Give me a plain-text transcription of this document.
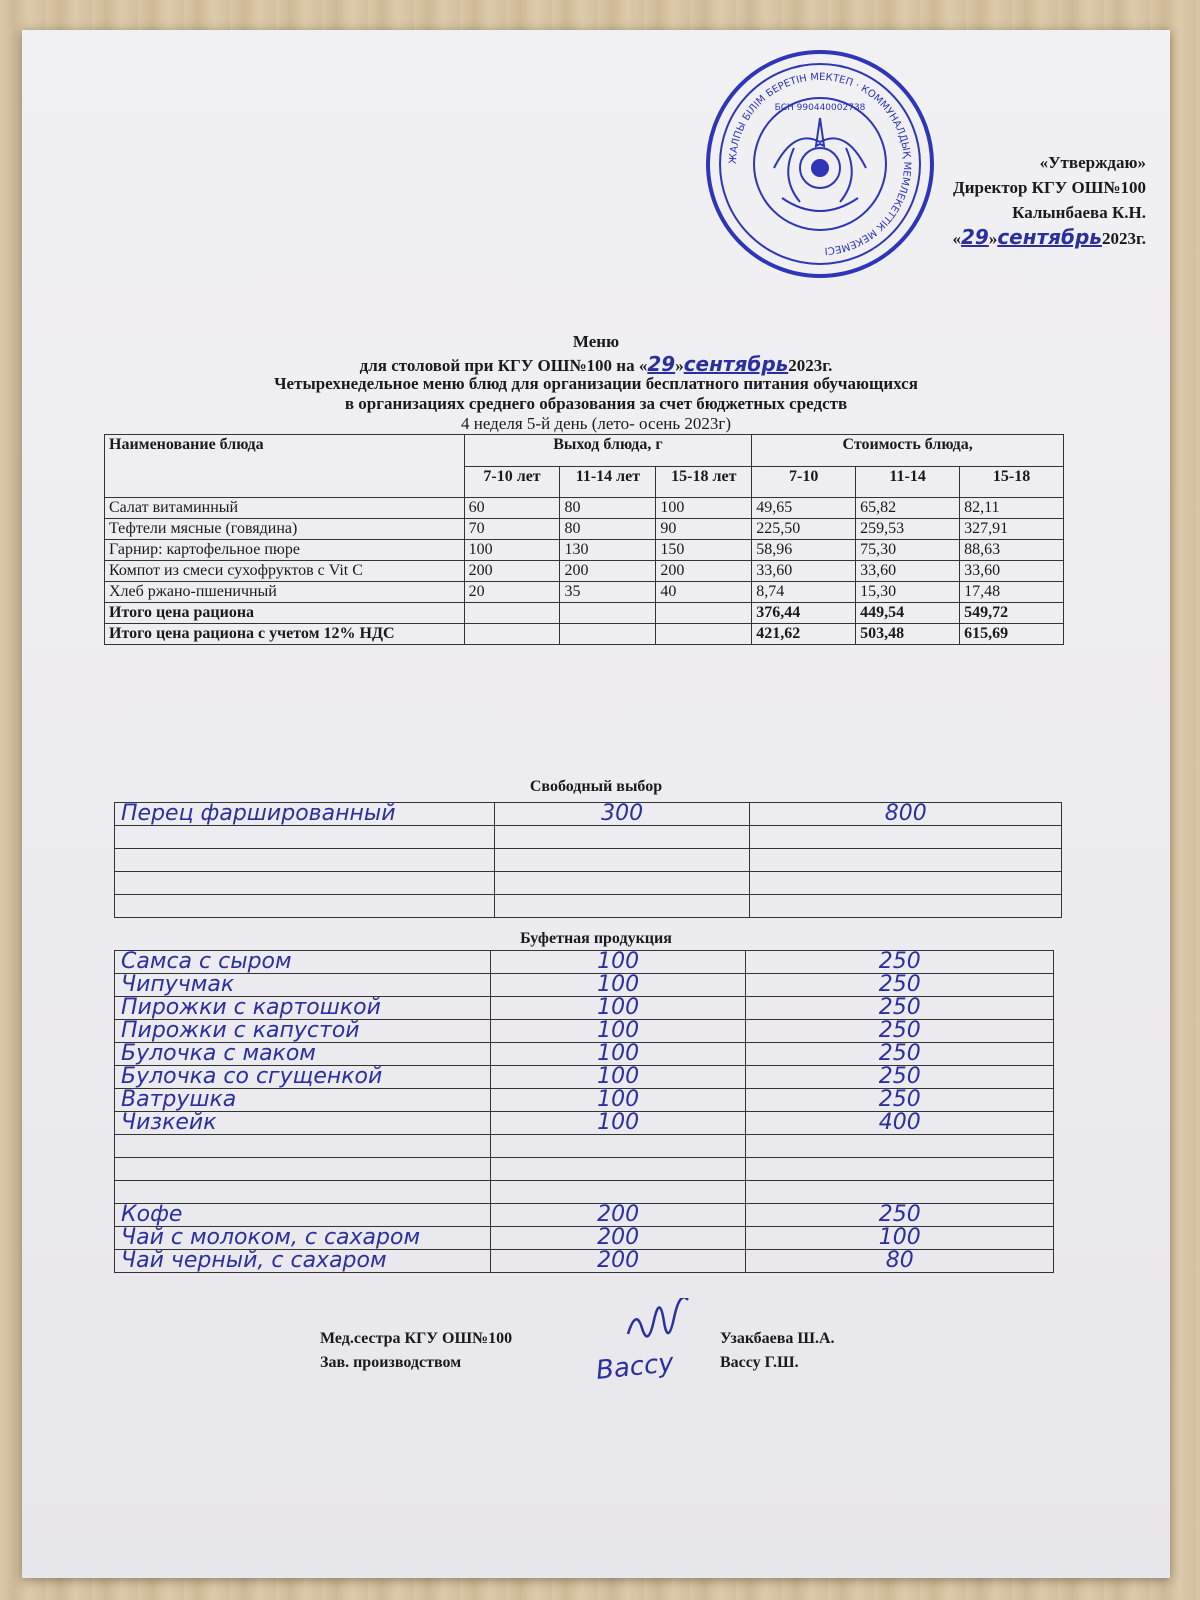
ЖАЛПЫ БІЛІМ БЕРЕТІН МЕКТЕП · КОММУНАЛДЫҚ МЕМЛЕКЕТТІК МЕКЕМЕСІ
БСН 990440002738
«Утверждаю»
Директор КГУ ОШ№100
Калынбаева К.Н.
«29»сентябрь2023г.
Меню
для столовой при КГУ ОШ№100 на «29»сентябрь2023г.
Четырехнедельное меню блюд для организации бесплатного питания обучающихся
в организациях среднего образования за счет бюджетных средств
4 неделя 5-й день (лето- осень 2023г)
Наименование блюда	Выход блюда, г			Стоимость блюда,		
	7-10 лет	11-14 лет	15-18 лет	7-10	11-14	15-18
Салат витаминный	60	80	100	49,65	65,82	82,11
Тефтели мясные (говядина)	70	80	90	225,50	259,53	327,91
Гарнир: картофельное пюре	100	130	150	58,96	75,30	88,63
Компот из смеси сухофруктов с Vit C	200	200	200	33,60	33,60	33,60
Хлеб ржано-пшеничный	20	35	40	8,74	15,30	17,48
Итого цена рациона				376,44	449,54	549,72
Итого цена рациона с учетом 12% НДС				421,62	503,48	615,69
Свободный выбор
Перец фаршированный	300	800

Буфетная продукция
Самса с сыром	100	250
Чипучмак	100	250
Пирожки с картошкой	100	250
Пирожки с капустой	100	250
Булочка с маком	100	250
Булочка со сгущенкой	100	250
Ватрушка	100	250
Чизкейк	100	400

Кофе	200	250
Чай с молоком, с сахаром	200	100
Чай черный, с сахаром	200	80
Мед.сестра КГУ ОШ№100	Узакбаева Ш.А.
Зав. производством	Вассу Г.Ш.
Вассу
